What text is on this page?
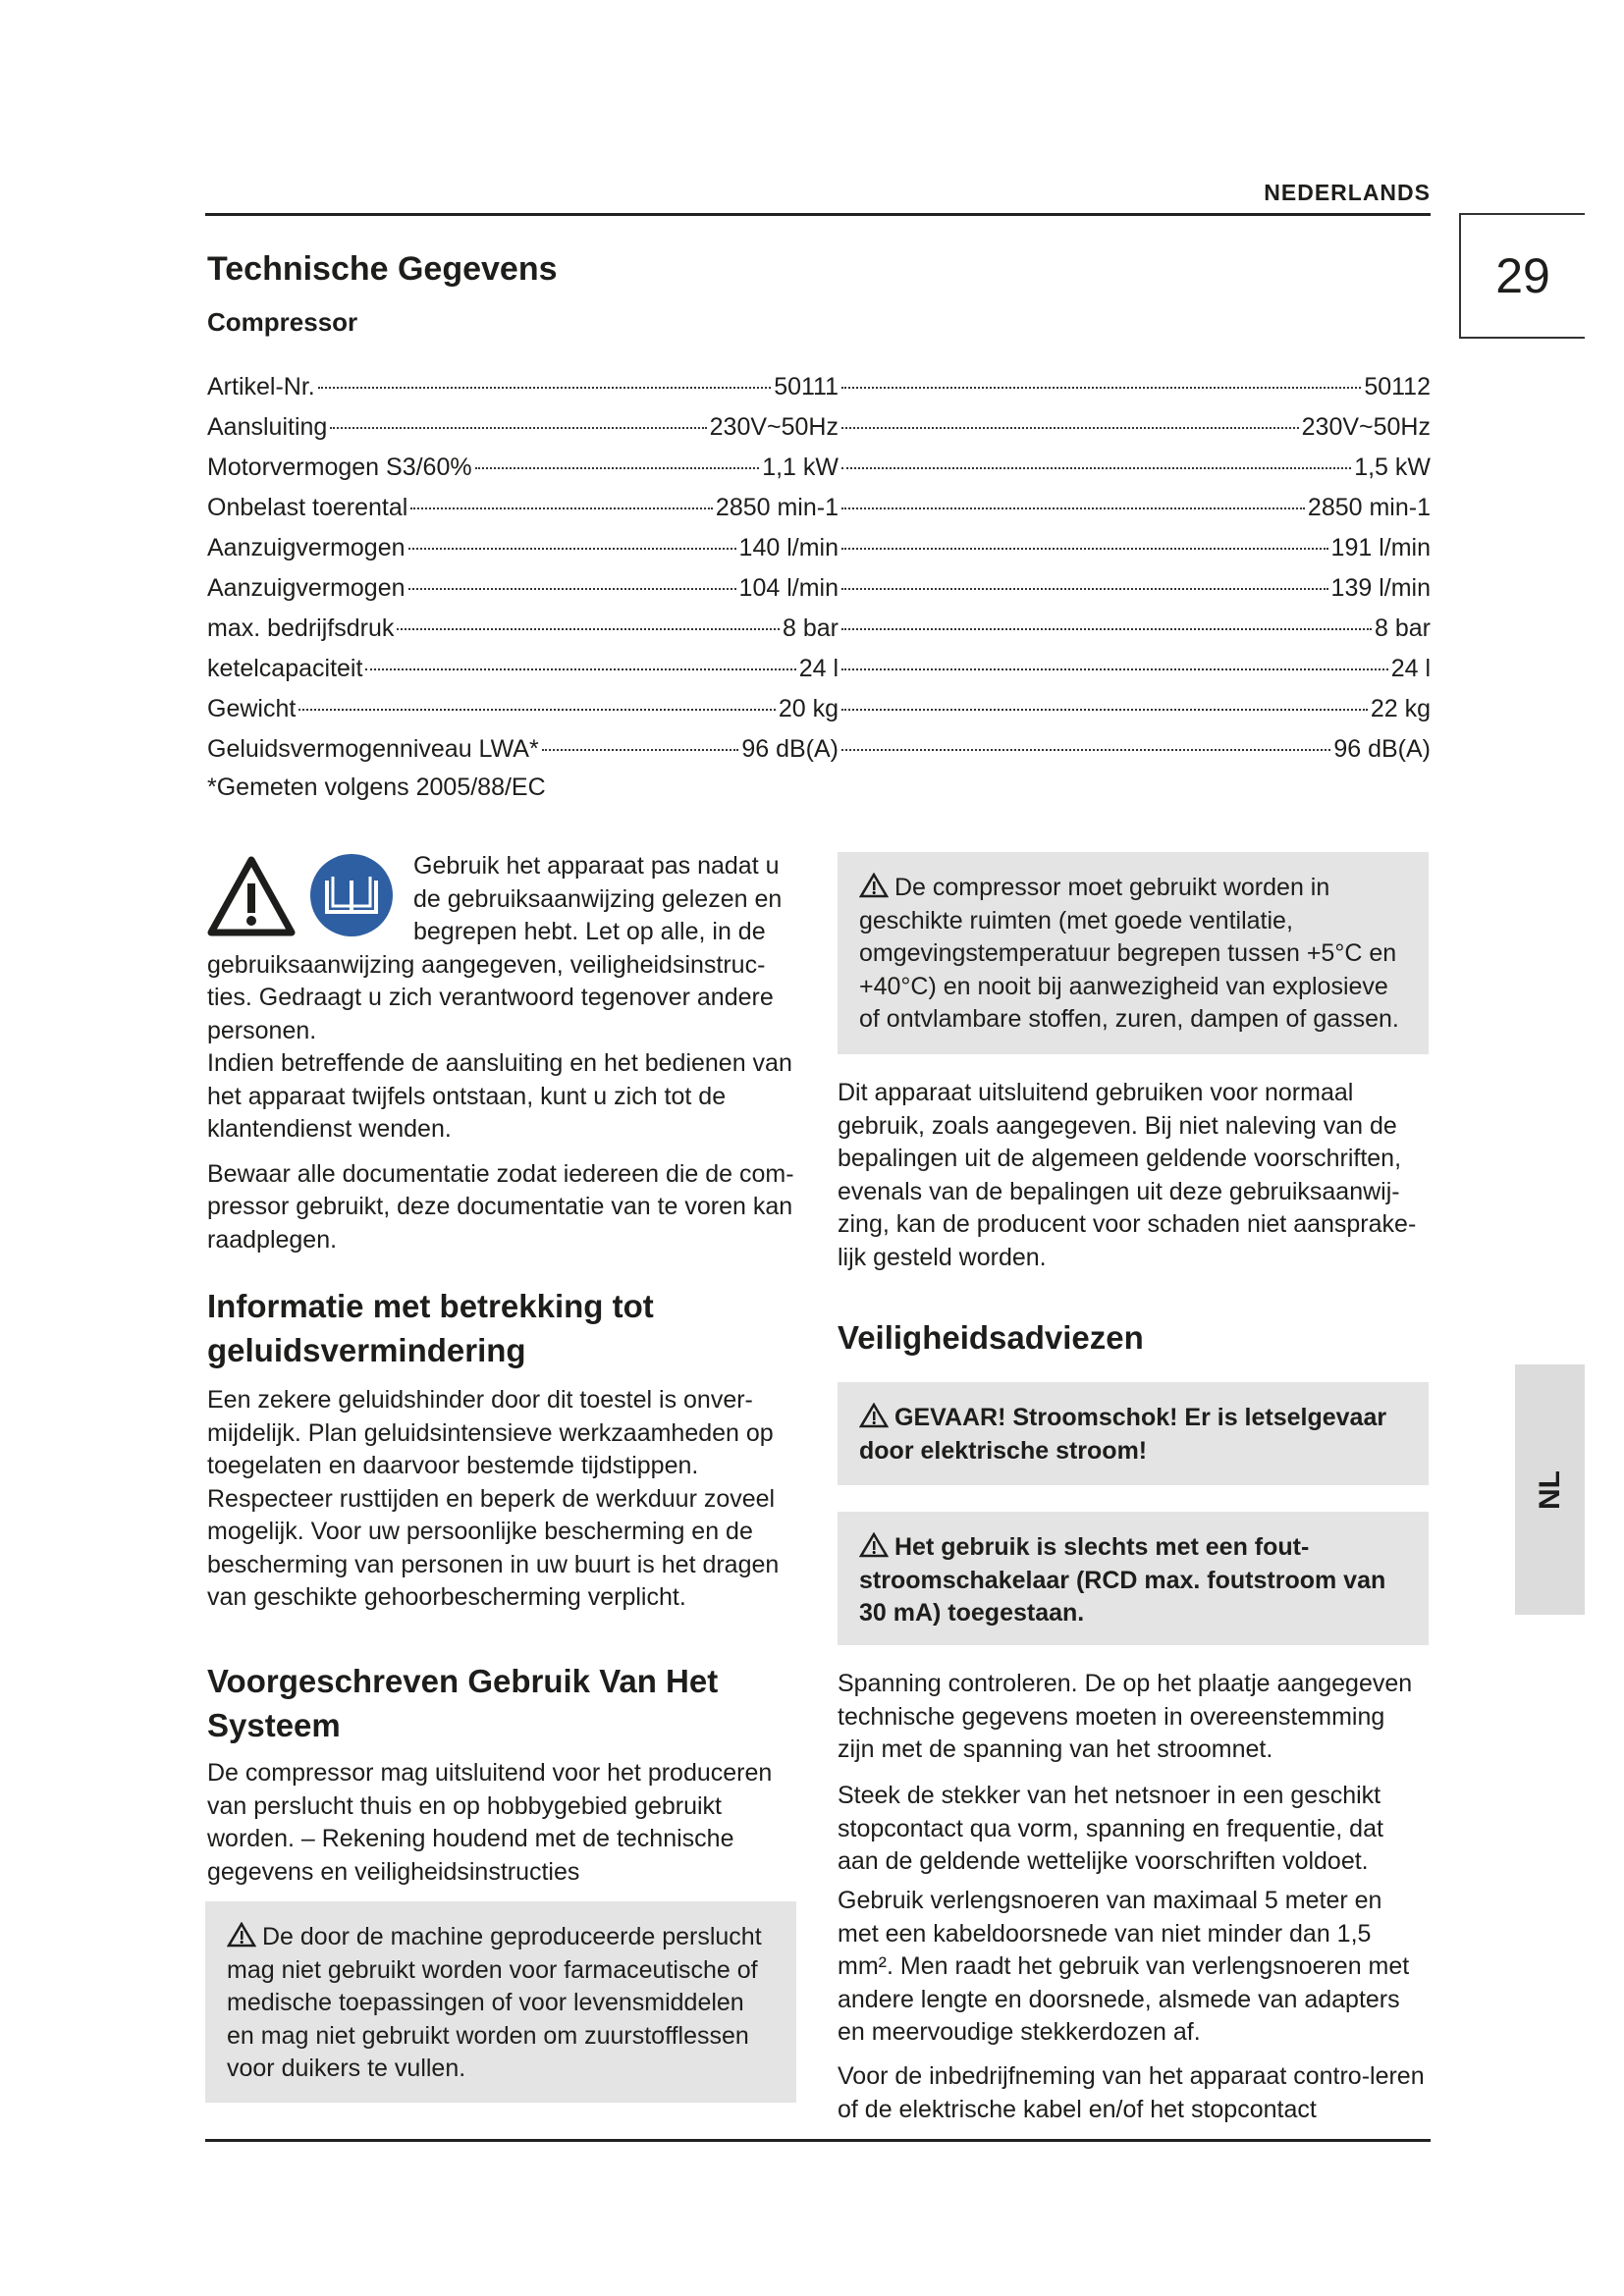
NEDERLANDS
29
NL
Technische Gegevens
Compressor
Artikel-Nr.	50111	50112
Aansluiting	230V~50Hz	230V~50Hz
Motorvermogen S3/60%	1,1 kW	1,5 kW
Onbelast toerental	2850 min-1	2850 min-1
Aanzuigvermogen	140 l/min	191 l/min
Aanzuigvermogen	104 l/min	139 l/min
max. bedrijfsdruk	8 bar	8 bar
ketelcapaciteit	24 l	24 l
Gewicht	20 kg	22 kg
Geluidsvermogenniveau LWA*	96 dB(A)	96 dB(A)
*Gemeten volgens 2005/88/EC

Gebruik het apparaat pas nadat u de gebruiksaanwijzing gelezen en begrepen hebt. Let op alle, in de gebruiksaanwijzing aangegeven, veiligheidsinstruc-ties. Gedraagt u zich verantwoord tegenover andere personen.

Indien betreffende de aansluiting en het bedienen van het apparaat twijfels ontstaan, kunt u zich tot de klantendienst wenden.

Bewaar alle documentatie zodat iedereen die de com-pressor gebruikt, deze documentatie van te voren kan raadplegen.

Informatie met betrekking tot geluidsvermindering

Een zekere geluidshinder door dit toestel is onver-mijdelijk. Plan geluidsintensieve werkzaamheden op toegelaten en daarvoor bestemde tijdstippen. Respecteer rusttijden en beperk de werkduur zoveel mogelijk. Voor uw persoonlijke bescherming en de bescherming van personen in uw buurt is het dragen van geschikte gehoorbescherming verplicht.

Voorgeschreven Gebruik Van Het Systeem

De compressor mag uitsluitend voor het produceren van perslucht thuis en op hobbygebied gebruikt worden. – Rekening houdend met de technische gegevens en veiligheidsinstructies

De door de machine geproduceerde perslucht mag niet gebruikt worden voor farmaceutische of medische toepassingen of voor levensmiddelen en mag niet gebruikt worden om zuurstofflessen voor duikers te vullen.
De compressor moet gebruikt worden in geschikte ruimten (met goede ventilatie, omgevingstemperatuur begrepen tussen +5°C en +40°C) en nooit bij aanwezigheid van explosieve of ontvlambare stoffen, zuren, dampen of gassen.

Dit apparaat uitsluitend gebruiken voor normaal gebruik, zoals aangegeven. Bij niet naleving van de bepalingen uit de algemeen geldende voorschriften, evenals van de bepalingen uit deze gebruiksaanwij-zing, kan de producent voor schaden niet aansprake-lijk gesteld worden.

Veiligheidsadviezen
GEVAAR! Stroomschok! Er is letselgevaar door elektrische stroom!
Het gebruik is slechts met een fout-stroomschakelaar (RCD max. foutstroom van 30 mA) toegestaan.

Spanning controleren. De op het plaatje aangegeven technische gegevens moeten in overeenstemming zijn met de spanning van het stroomnet.

Steek de stekker van het netsnoer in een geschikt stopcontact qua vorm, spanning en frequentie, dat aan de geldende wettelijke voorschriften voldoet.

Gebruik verlengsnoeren van maximaal 5 meter en met een kabeldoorsnede van niet minder dan 1,5 mm². Men raadt het gebruik van verlengsnoeren met andere lengte en doorsnede, alsmede van adapters en meervoudige stekkerdozen af.

Voor de inbedrijfneming van het apparaat contro-leren of de elektrische kabel en/of het stopcontact
